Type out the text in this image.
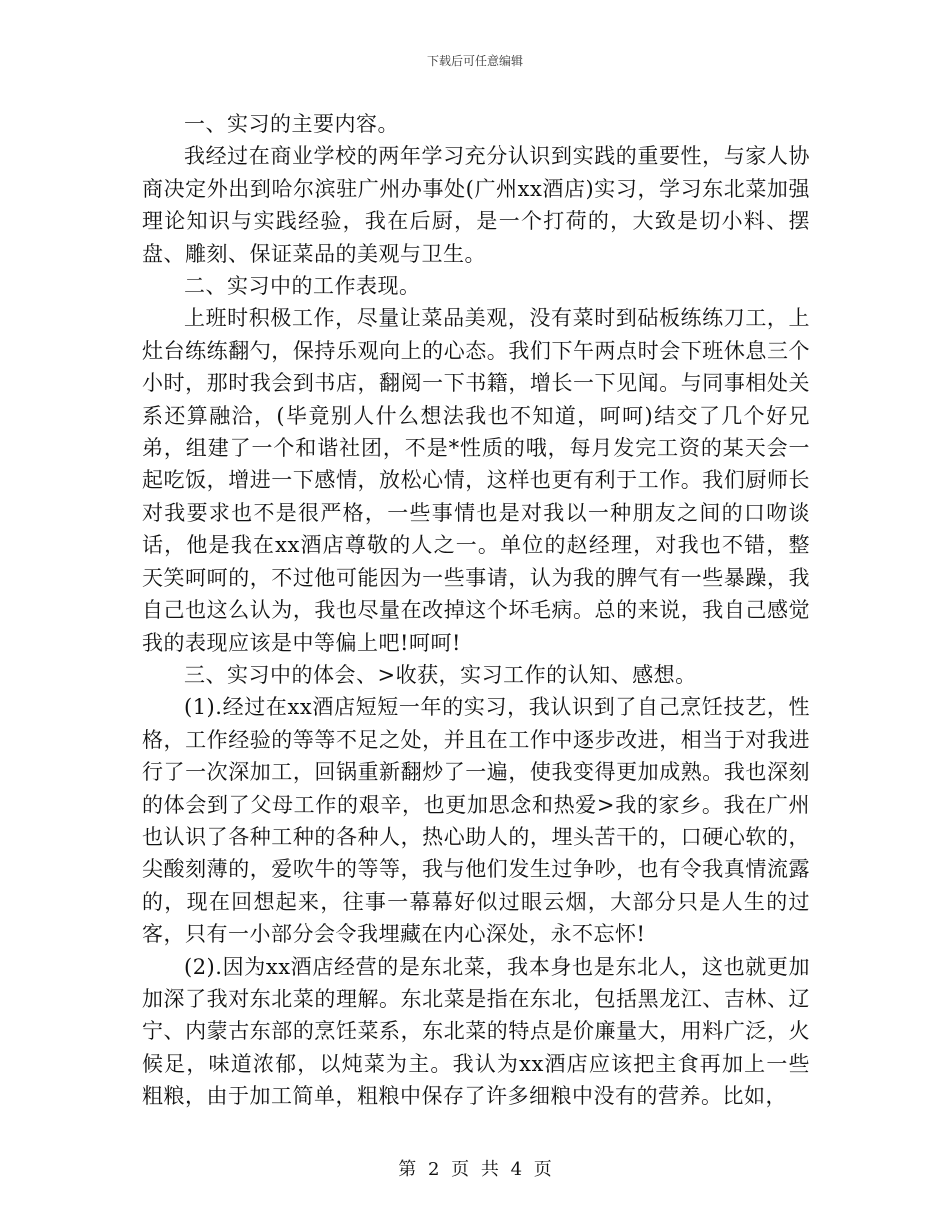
下载后可任意编辑

一、实习的主要内容。

我经过在商业学校的两年学习充分认识到实践的重要性，与家人协商决定外出到哈尔滨驻广州办事处(广州xx酒店)实习，学习东北菜加强理论知识与实践经验，我在后厨，是一个打荷的，大致是切小料、摆盘、雕刻、保证菜品的美观与卫生。

二、实习中的工作表现。

上班时积极工作，尽量让菜品美观，没有菜时到砧板练练刀工，上灶台练练翻勺，保持乐观向上的心态。我们下午两点时会下班休息三个小时，那时我会到书店，翻阅一下书籍，增长一下见闻。与同事相处关系还算融洽，(毕竟别人什么想法我也不知道，呵呵)结交了几个好兄弟，组建了一个和谐社团，不是*性质的哦，每月发完工资的某天会一起吃饭，增进一下感情，放松心情，这样也更有利于工作。我们厨师长对我要求也不是很严格，一些事情也是对我以一种朋友之间的口吻谈话，他是我在xx酒店尊敬的人之一。单位的赵经理，对我也不错，整天笑呵呵的，不过他可能因为一些事请，认为我的脾气有一些暴躁，我自己也这么认为，我也尽量在改掉这个坏毛病。总的来说，我自己感觉我的表现应该是中等偏上吧!呵呵!

三、实习中的体会、>收获，实习工作的认知、感想。

(1).经过在xx酒店短短一年的实习，我认识到了自己烹饪技艺，性格，工作经验的等等不足之处，并且在工作中逐步改进，相当于对我进行了一次深加工，回锅重新翻炒了一遍，使我变得更加成熟。我也深刻的体会到了父母工作的艰辛，也更加思念和热爱>我的家乡。我在广州也认识了各种工种的各种人，热心助人的，埋头苦干的，口硬心软的，尖酸刻薄的，爱吹牛的等等，我与他们发生过争吵，也有令我真情流露的，现在回想起来，往事一幕幕好似过眼云烟，大部分只是人生的过客，只有一小部分会令我埋藏在内心深处，永不忘怀!

(2).因为xx酒店经营的是东北菜，我本身也是东北人，这也就更加加深了我对东北菜的理解。东北菜是指在东北，包括黑龙江、吉林、辽宁、内蒙古东部的烹饪菜系，东北菜的特点是价廉量大，用料广泛，火候足，味道浓郁，以炖菜为主。我认为xx酒店应该把主食再加上一些粗粮，由于加工简单，粗粮中保存了许多细粮中没有的营养。比如，

第 2 页 共 4 页
